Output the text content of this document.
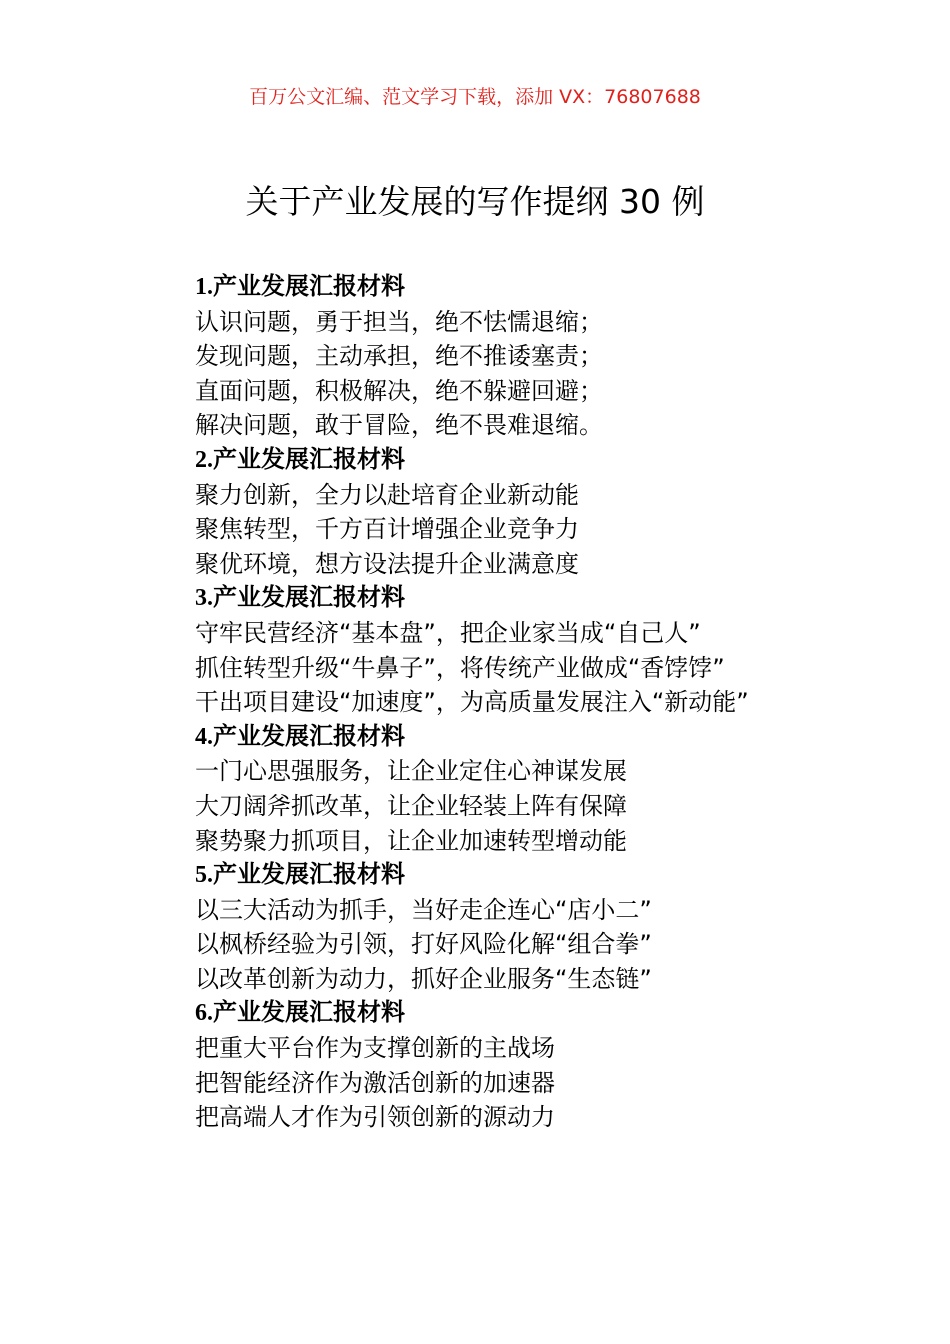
百万公文汇编、范文学习下载，添加 VX：76807688
关于产业发展的写作提纲 30 例

1.产业发展汇报材料

认识问题，勇于担当，绝不怯懦退缩；

发现问题，主动承担，绝不推诿塞责；

直面问题，积极解决，绝不躲避回避；

解决问题，敢于冒险，绝不畏难退缩。

2.产业发展汇报材料

聚力创新，全力以赴培育企业新动能

聚焦转型，千方百计增强企业竞争力

聚优环境，想方设法提升企业满意度

3.产业发展汇报材料

守牢民营经济“基本盘”，把企业家当成“自己人”

抓住转型升级“牛鼻子”，将传统产业做成“香饽饽”

干出项目建设“加速度”，为高质量发展注入“新动能”

4.产业发展汇报材料

一门心思强服务，让企业定住心神谋发展

大刀阔斧抓改革，让企业轻装上阵有保障

聚势聚力抓项目，让企业加速转型增动能

5.产业发展汇报材料

以三大活动为抓手，当好走企连心“店小二”

以枫桥经验为引领，打好风险化解“组合拳”

以改革创新为动力，抓好企业服务“生态链”

6.产业发展汇报材料

把重大平台作为支撑创新的主战场

把智能经济作为激活创新的加速器

把高端人才作为引领创新的源动力
